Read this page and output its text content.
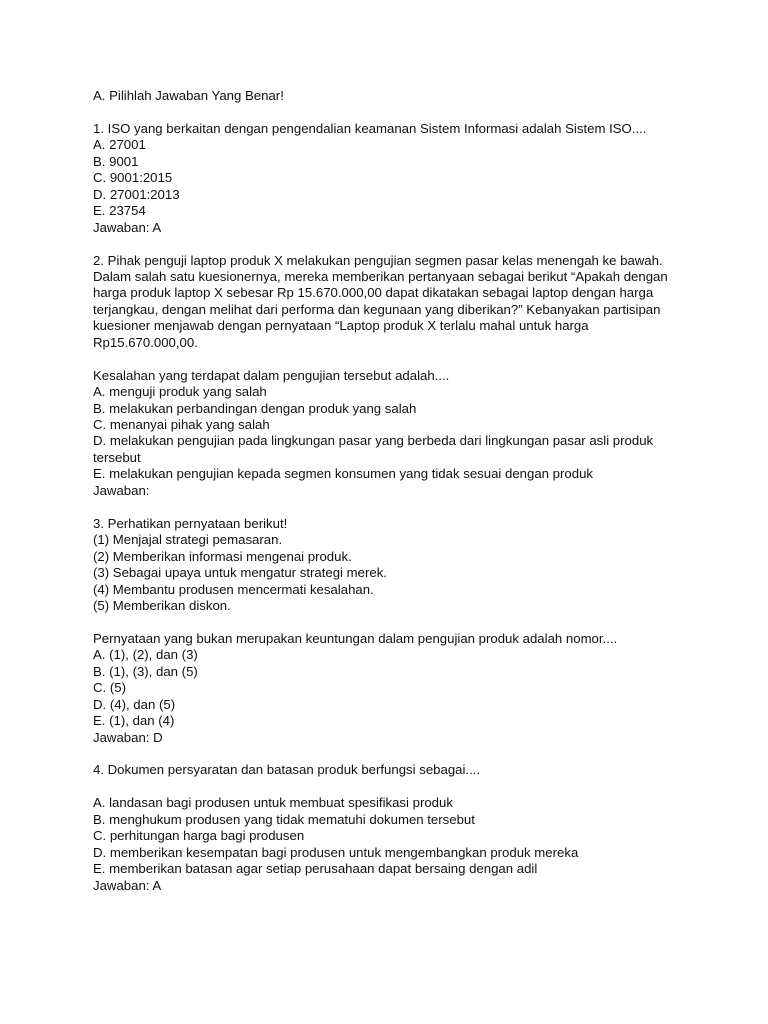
A. Pilihlah Jawaban Yang Benar!
1. ISO yang berkaitan dengan pengendalian keamanan Sistem Informasi adalah Sistem ISO....
A. 27001
B. 9001
C. 9001:2015
D. 27001:2013
E. 23754
Jawaban: A
2. Pihak penguji laptop produk X melakukan pengujian segmen pasar kelas menengah ke bawah.
Dalam salah satu kuesionernya, mereka memberikan pertanyaan sebagai berikut “Apakah dengan
harga produk laptop X sebesar Rp 15.670.000,00 dapat dikatakan sebagai laptop dengan harga
terjangkau, dengan melihat dari performa dan kegunaan yang diberikan?” Kebanyakan partisipan
kuesioner menjawab dengan pernyataan “Laptop produk X terlalu mahal untuk harga
Rp15.670.000,00.
Kesalahan yang terdapat dalam pengujian tersebut adalah....
A. menguji produk yang salah
B. melakukan perbandingan dengan produk yang salah
C. menanyai pihak yang salah
D. melakukan pengujian pada lingkungan pasar yang berbeda dari lingkungan pasar asli produk
tersebut
E. melakukan pengujian kepada segmen konsumen yang tidak sesuai dengan produk
Jawaban:
3. Perhatikan pernyataan berikut!
(1) Menjajal strategi pemasaran.
(2) Memberikan informasi mengenai produk.
(3) Sebagai upaya untuk mengatur strategi merek.
(4) Membantu produsen mencermati kesalahan.
(5) Memberikan diskon.
Pernyataan yang bukan merupakan keuntungan dalam pengujian produk adalah nomor....
A. (1), (2), dan (3)
B. (1), (3), dan (5)
C. (5)
D. (4), dan (5)
E. (1), dan (4)
Jawaban: D
4. Dokumen persyaratan dan batasan produk berfungsi sebagai....
A. landasan bagi produsen untuk membuat spesifikasi produk
B. menghukum produsen yang tidak mematuhi dokumen tersebut
C. perhitungan harga bagi produsen
D. memberikan kesempatan bagi produsen untuk mengembangkan produk mereka
E. memberikan batasan agar setiap perusahaan dapat bersaing dengan adil
Jawaban: A
